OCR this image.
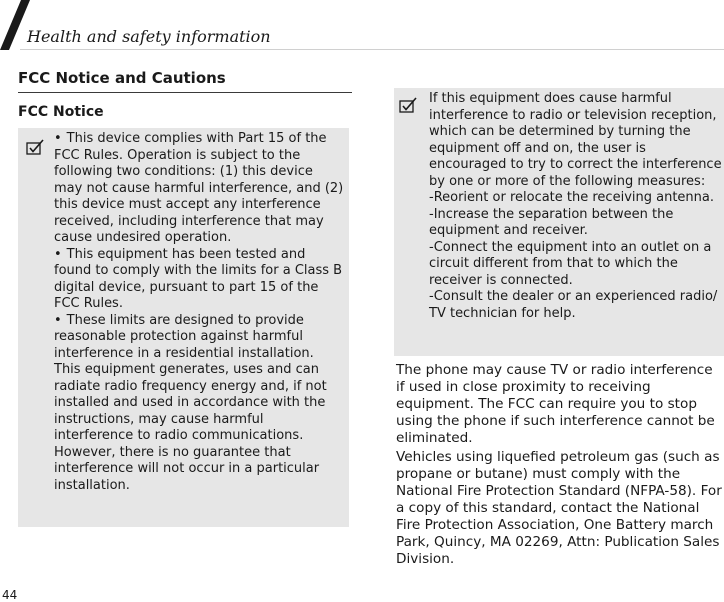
Health and safety information
FCC Notice and Cautions
FCC Notice
• This device complies with Part 15 of the FCC Rules. Operation is subject to the following two conditions: (1) this device may not cause harmful interference, and (2) this device must accept any interference received, including interference that may cause undesired operation.
• This equipment has been tested and found to comply with the limits for a Class B digital device, pursuant to part 15 of the FCC Rules.
• These limits are designed to provide reasonable protection against harmful interference in a residential installation. This equipment generates, uses and can radiate radio frequency energy and, if not installed and used in accordance with the instructions, may cause harmful interference to radio communications. However, there is no guarantee that interference will not occur in a particular installation.

If this equipment does cause harmful interference to radio or television reception, which can be determined by turning the equipment off and on, the user is encouraged to try to correct the interference by one or more of the following measures:

-Reorient or relocate the receiving antenna.

-Increase the separation between the equipment and receiver.

-Connect the equipment into an outlet on a circuit different from that to which the receiver is connected.

-Consult the dealer or an experienced radio/ TV technician for help.

The phone may cause TV or radio interference if used in close proximity to receiving equipment. The FCC can require you to stop using the phone if such interference cannot be eliminated.
Vehicles using liquefied petroleum gas (such as propane or butane) must comply with the National Fire Protection Standard (NFPA-58). For a copy of this standard, contact the National Fire Protection Association, One Battery march Park, Quincy, MA 02269, Attn: Publication Sales Division.
44
